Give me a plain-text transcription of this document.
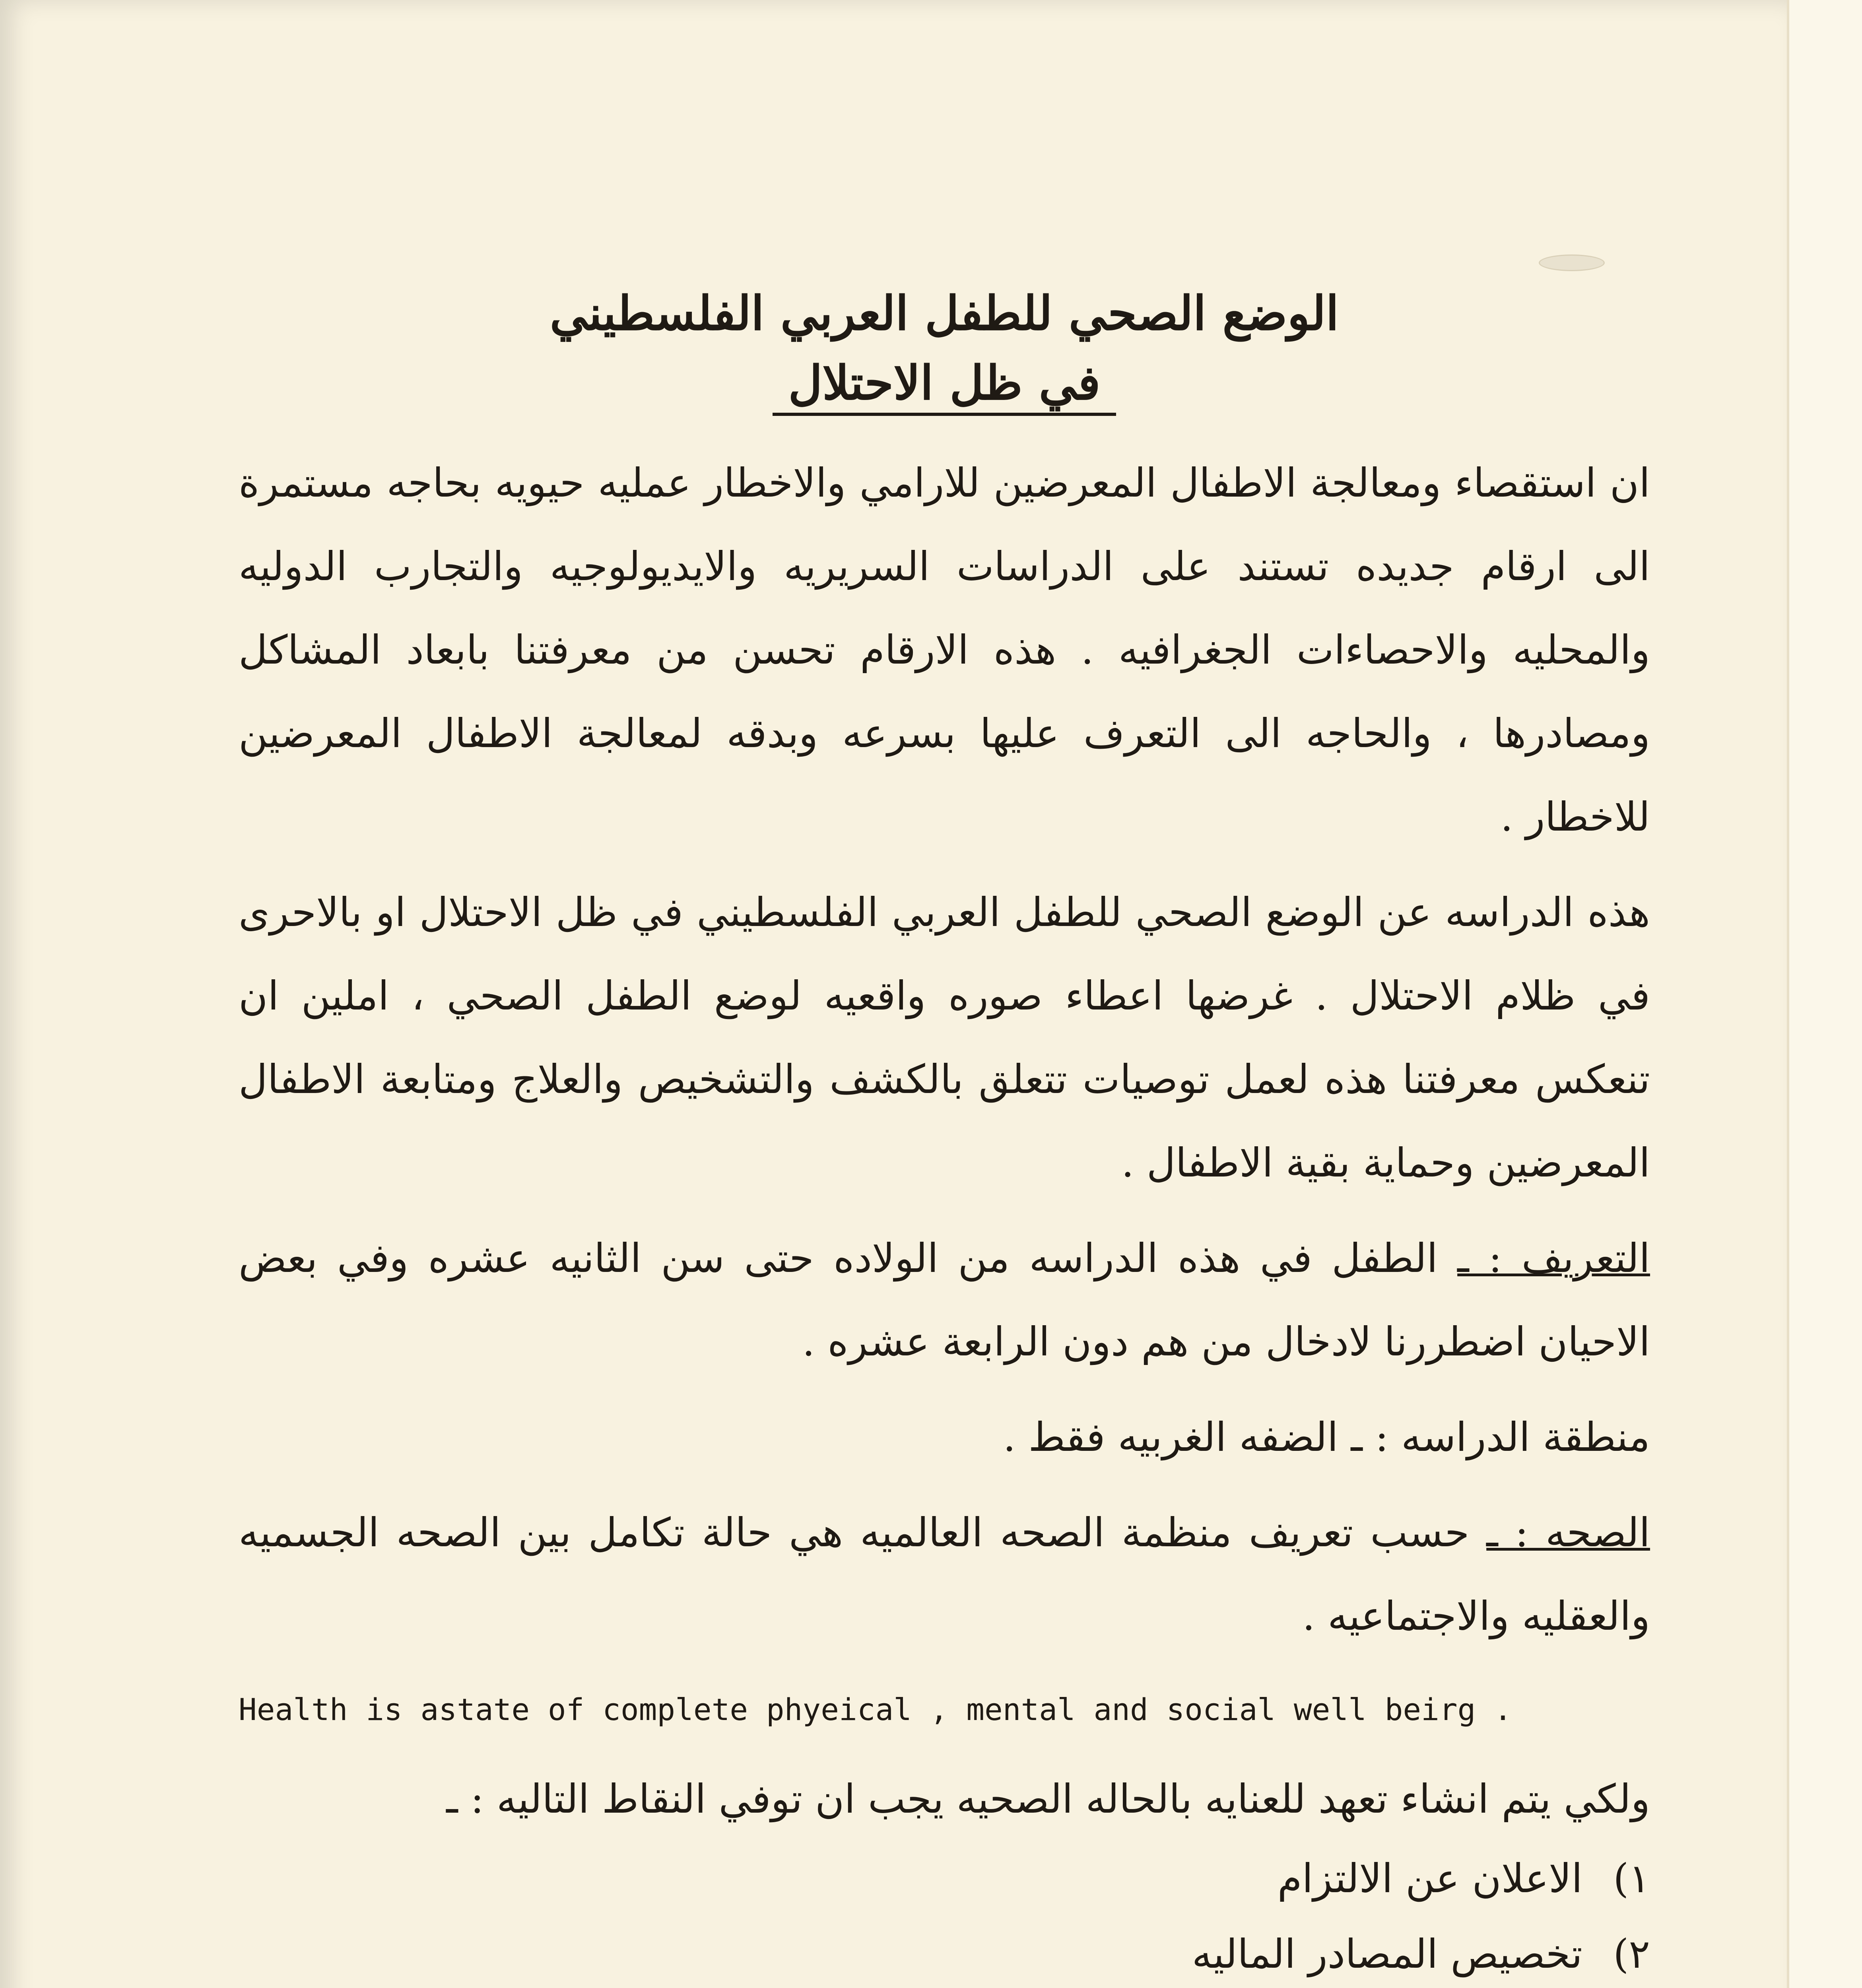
الوضع الصحي للطفل العربي الفلسطيني
في ظل الاحتلال

ان استقصاء ومعالجة الاطفال المعرضين للارامي والاخطار عمليه حيويه بحاجه مستمرة الى ارقام جديده تستند على الدراسات السريريه والايديولوجيه والتجارب الدوليه والمحليه والاحصاءات الجغرافيه . هذه الارقام تحسن من معرفتنا بابعاد المشاكل ومصادرها ، والحاجه الى التعرف عليها بسرعه وبدقه لمعالجة الاطفال المعرضين للاخطار .

هذه الدراسه عن الوضع الصحي للطفل العربي الفلسطيني في ظل الاحتلال او بالاحرى في ظلام الاحتلال . غرضها اعطاء صوره واقعيه لوضع الطفل الصحي ، املين ان تنعكس معرفتنا هذه لعمل توصيات تتعلق بالكشف والتشخيص والعلاج ومتابعة الاطفال المعرضين وحماية بقية الاطفال .

التعريف : ـ الطفل في هذه الدراسه من الولاده حتى سن الثانيه عشره وفي بعض الاحيان اضطررنا لادخال من هم دون الرابعة عشره .

منطقة الدراسه : ـ الضفه الغربيه فقط .

الصحه : ـ حسب تعريف منظمة الصحه العالميه هي حالة تكامل بين الصحه الجسميه والعقليه والاجتماعيه .

Health is astate of complete phyeical , mental and social well beirg .

ولكي يتم انشاء تعهد للعنايه بالحاله الصحيه يجب ان توفي النقاط التاليه : ـ

١)الاعلان عن الالتزام
٢)تخصيص المصادر الماليه
